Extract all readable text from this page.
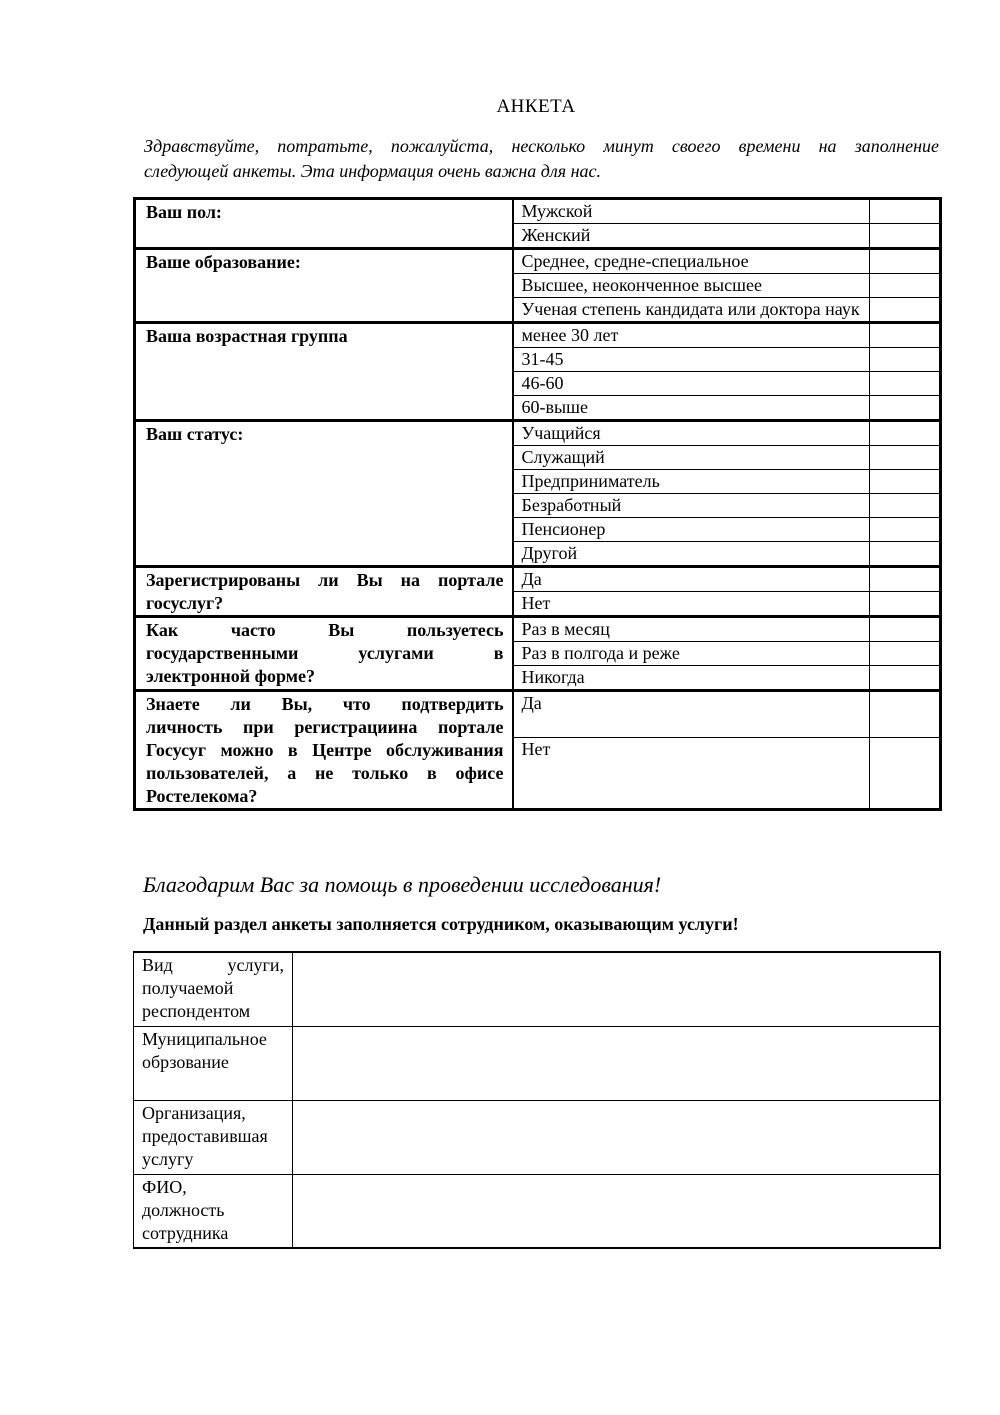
АНКЕТА
Здравствуйте, потратьте, пожалуйста, несколько минут своего времени на заполнение
следующей анкеты. Эта информация очень важна для нас.
Ваш пол:	Мужской	
	Женский	
Ваше образование:	Среднее, средне-специальное	
	Высшее, неоконченное высшее	
	Ученая степень кандидата или доктора наук	
Ваша возрастная группа	менее 30 лет	
	31-45	
	46-60	
	60-выше	
Ваш статус:	Учащийся	
	Служащий	
	Предприниматель	
	Безработный	
	Пенсионер	
	Другой	

Зарегистрированы ли Вы на портале
госуслуг?	Да	
	Нет	

Как часто Вы пользуетесь
государственными услугами в
электронной форме?	Раз в месяц	
	Раз в полгода и реже	
	Никогда	

Знаете ли Вы, что подтвердить
личность при регистрациина портале
Госусуг можно в Центре обслуживания
пользователей, а не только в офисе
Ростелекома?	Да	
	Нет	
Благодарим Вас за помощь в проведении исследования!
Данный раздел анкеты заполняется сотрудником, оказывающим услуги!
Вид услуги,
получаемой
респондентом	

Муниципальное
обрзование	

Организация,
предоставившая
услугу	

ФИО,
должность
сотрудника	
